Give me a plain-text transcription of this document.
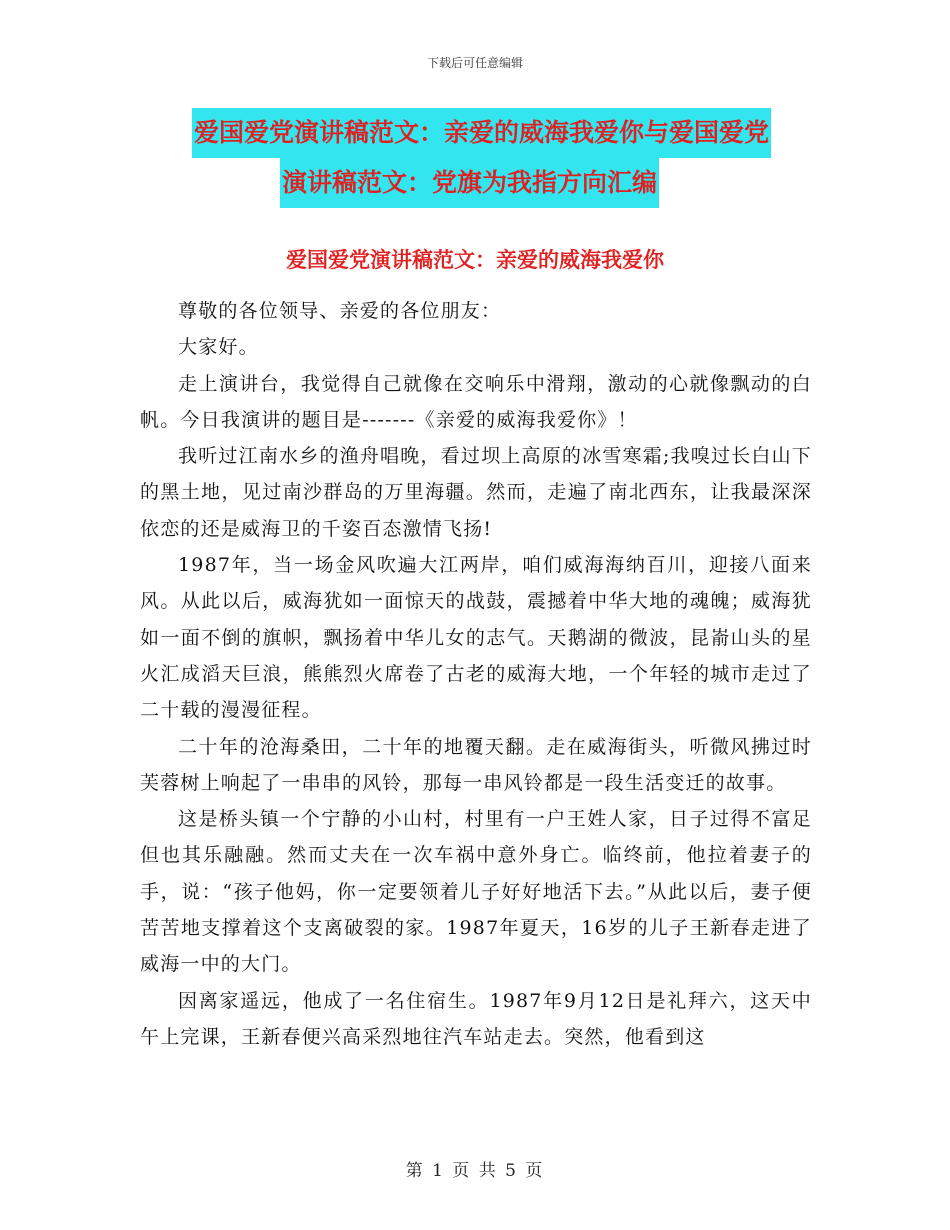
下载后可任意编辑
爱国爱党演讲稿范文：亲爱的威海我爱你与爱国爱党
演讲稿范文：党旗为我指方向汇编
爱国爱党演讲稿范文：亲爱的威海我爱你

尊敬的各位领导、亲爱的各位朋友：

大家好。

走上演讲台，我觉得自己就像在交响乐中滑翔，激动的心就像飘动的白帆。今日我演讲的题目是-------《亲爱的威海我爱你》！

我听过江南水乡的渔舟唱晚，看过坝上高原的冰雪寒霜;我嗅过长白山下的黑土地，见过南沙群岛的万里海疆。然而，走遍了南北西东，让我最深深依恋的还是威海卫的千姿百态激情飞扬!

1987年，当一场金风吹遍大江两岸，咱们威海海纳百川，迎接八面来风。从此以后，威海犹如一面惊天的战鼓，震撼着中华大地的魂魄；威海犹如一面不倒的旗帜，飘扬着中华儿女的志气。天鹅湖的微波，昆嵛山头的星火汇成滔天巨浪，熊熊烈火席卷了古老的威海大地，一个年轻的城市走过了二十载的漫漫征程。

二十年的沧海桑田，二十年的地覆天翻。走在威海街头，听微风拂过时芙蓉树上响起了一串串的风铃，那每一串风铃都是一段生活变迁的故事。

这是桥头镇一个宁静的小山村，村里有一户王姓人家，日子过得不富足但也其乐融融。然而丈夫在一次车祸中意外身亡。临终前，他拉着妻子的手，说：“孩子他妈，你一定要领着儿子好好地活下去。”从此以后，妻子便苦苦地支撑着这个支离破裂的家。1987年夏天，16岁的儿子王新春走进了威海一中的大门。

因离家遥远，他成了一名住宿生。1987年9月12日是礼拜六，这天中午上完课，王新春便兴高采烈地往汽车站走去。突然，他看到这

第 1 页 共 5 页
